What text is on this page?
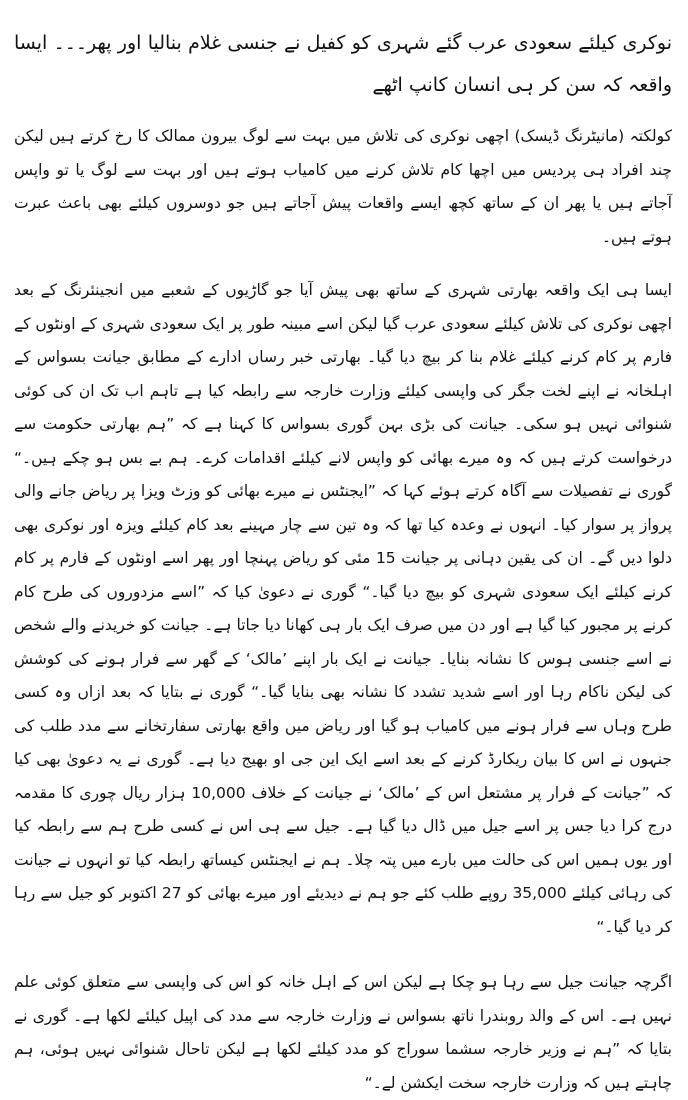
نوکری کیلئے سعودی عرب گئے شہری کو کفیل نے جنسی غلام بنالیا اور پھر۔۔۔ ایسا واقعہ کہ سن کر ہی انسان کانپ اٹھے

کولکتہ (مانیٹرنگ ڈیسک) اچھی نوکری کی تلاش میں بہت سے لوگ بیرون ممالک کا رخ کرتے ہیں لیکن چند افراد ہی پردیس میں اچھا کام تلاش کرنے میں کامیاب ہوتے ہیں اور بہت سے لوگ یا تو واپس آجاتے ہیں یا پھر ان کے ساتھ کچھ ایسے واقعات پیش آجاتے ہیں جو دوسروں کیلئے بھی باعث عبرت ہوتے ہیں۔

ایسا ہی ایک واقعہ بھارتی شہری کے ساتھ بھی پیش آیا جو گاڑیوں کے شعبے میں انجینئرنگ کے بعد اچھی نوکری کی تلاش کیلئے سعودی عرب گیا لیکن اسے مبینہ طور پر ایک سعودی شہری کے اونٹوں کے فارم پر کام کرنے کیلئے غلام بنا کر بیچ دیا گیا۔ بھارتی خبر رساں ادارے کے مطابق جیانت بسواس کے اہلخانہ نے اپنے لخت جگر کی واپسی کیلئے وزارت خارجہ سے رابطہ کیا ہے تاہم اب تک ان کی کوئی شنوائی نہیں ہو سکی۔ جیانت کی بڑی بہن گوری بسواس کا کہنا ہے کہ ”ہم بھارتی حکومت سے درخواست کرتے ہیں کہ وہ میرے بھائی کو واپس لانے کیلئے اقدامات کرے۔ ہم بے بس ہو چکے ہیں۔“ گوری نے تفصیلات سے آگاہ کرتے ہوئے کہا کہ ”ایجنٹس نے میرے بھائی کو وزٹ ویزا پر ریاض جانے والی پرواز پر سوار کیا۔ انہوں نے وعدہ کیا تھا کہ وہ تین سے چار مہینے بعد کام کیلئے ویزہ اور نوکری بھی دلوا دیں گے۔ ان کی یقین دہانی پر جیانت 15 مئی کو ریاض پہنچا اور پھر اسے اونٹوں کے فارم پر کام کرنے کیلئے ایک سعودی شہری کو بیچ دیا گیا۔“ گوری نے دعویٰ کیا کہ ”اسے مزدوروں کی طرح کام کرنے پر مجبور کیا گیا ہے اور دن میں صرف ایک بار ہی کھانا دیا جاتا ہے۔ جیانت کو خریدنے والے شخص نے اسے جنسی ہوس کا نشانہ بنایا۔ جیانت نے ایک بار اپنے ’مالک‘ کے گھر سے فرار ہونے کی کوشش کی لیکن ناکام رہا اور اسے شدید تشدد کا نشانہ بھی بنایا گیا۔“ گوری نے بتایا کہ بعد ازاں وہ کسی طرح وہاں سے فرار ہونے میں کامیاب ہو گیا اور ریاض میں واقع بھارتی سفارتخانے سے مدد طلب کی جنہوں نے اس کا بیان ریکارڈ کرنے کے بعد اسے ایک این جی او بھیج دیا ہے۔ گوری نے یہ دعویٰ بھی کیا کہ ”جیانت کے فرار پر مشتعل اس کے ’مالک‘ نے جیانت کے خلاف 10,000 ہزار ریال چوری کا مقدمہ درج کرا دیا جس پر اسے جیل میں ڈال دیا گیا ہے۔ جیل سے ہی اس نے کسی طرح ہم سے رابطہ کیا اور یوں ہمیں اس کی حالت میں بارے میں پتہ چلا۔ ہم نے ایجنٹس کیساتھ رابطہ کیا تو انہوں نے جیانت کی رہائی کیلئے 35,000 روپے طلب کئے جو ہم نے دیدیئے اور میرے بھائی کو 27 اکتوبر کو جیل سے رہا کر دیا گیا۔“

اگرچہ جیانت جیل سے رہا ہو چکا ہے لیکن اس کے اہل خانہ کو اس کی واپسی سے متعلق کوئی علم نہیں ہے۔ اس کے والد روبندرا ناتھ بسواس نے وزارت خارجہ سے مدد کی اپیل کیلئے لکھا ہے۔ گوری نے بتایا کہ ”ہم نے وزیر خارجہ سشما سوراج کو مدد کیلئے لکھا ہے لیکن تاحال شنوائی نہیں ہوئی، ہم چاہتے ہیں کہ وزارت خارجہ سخت ایکشن لے۔“
